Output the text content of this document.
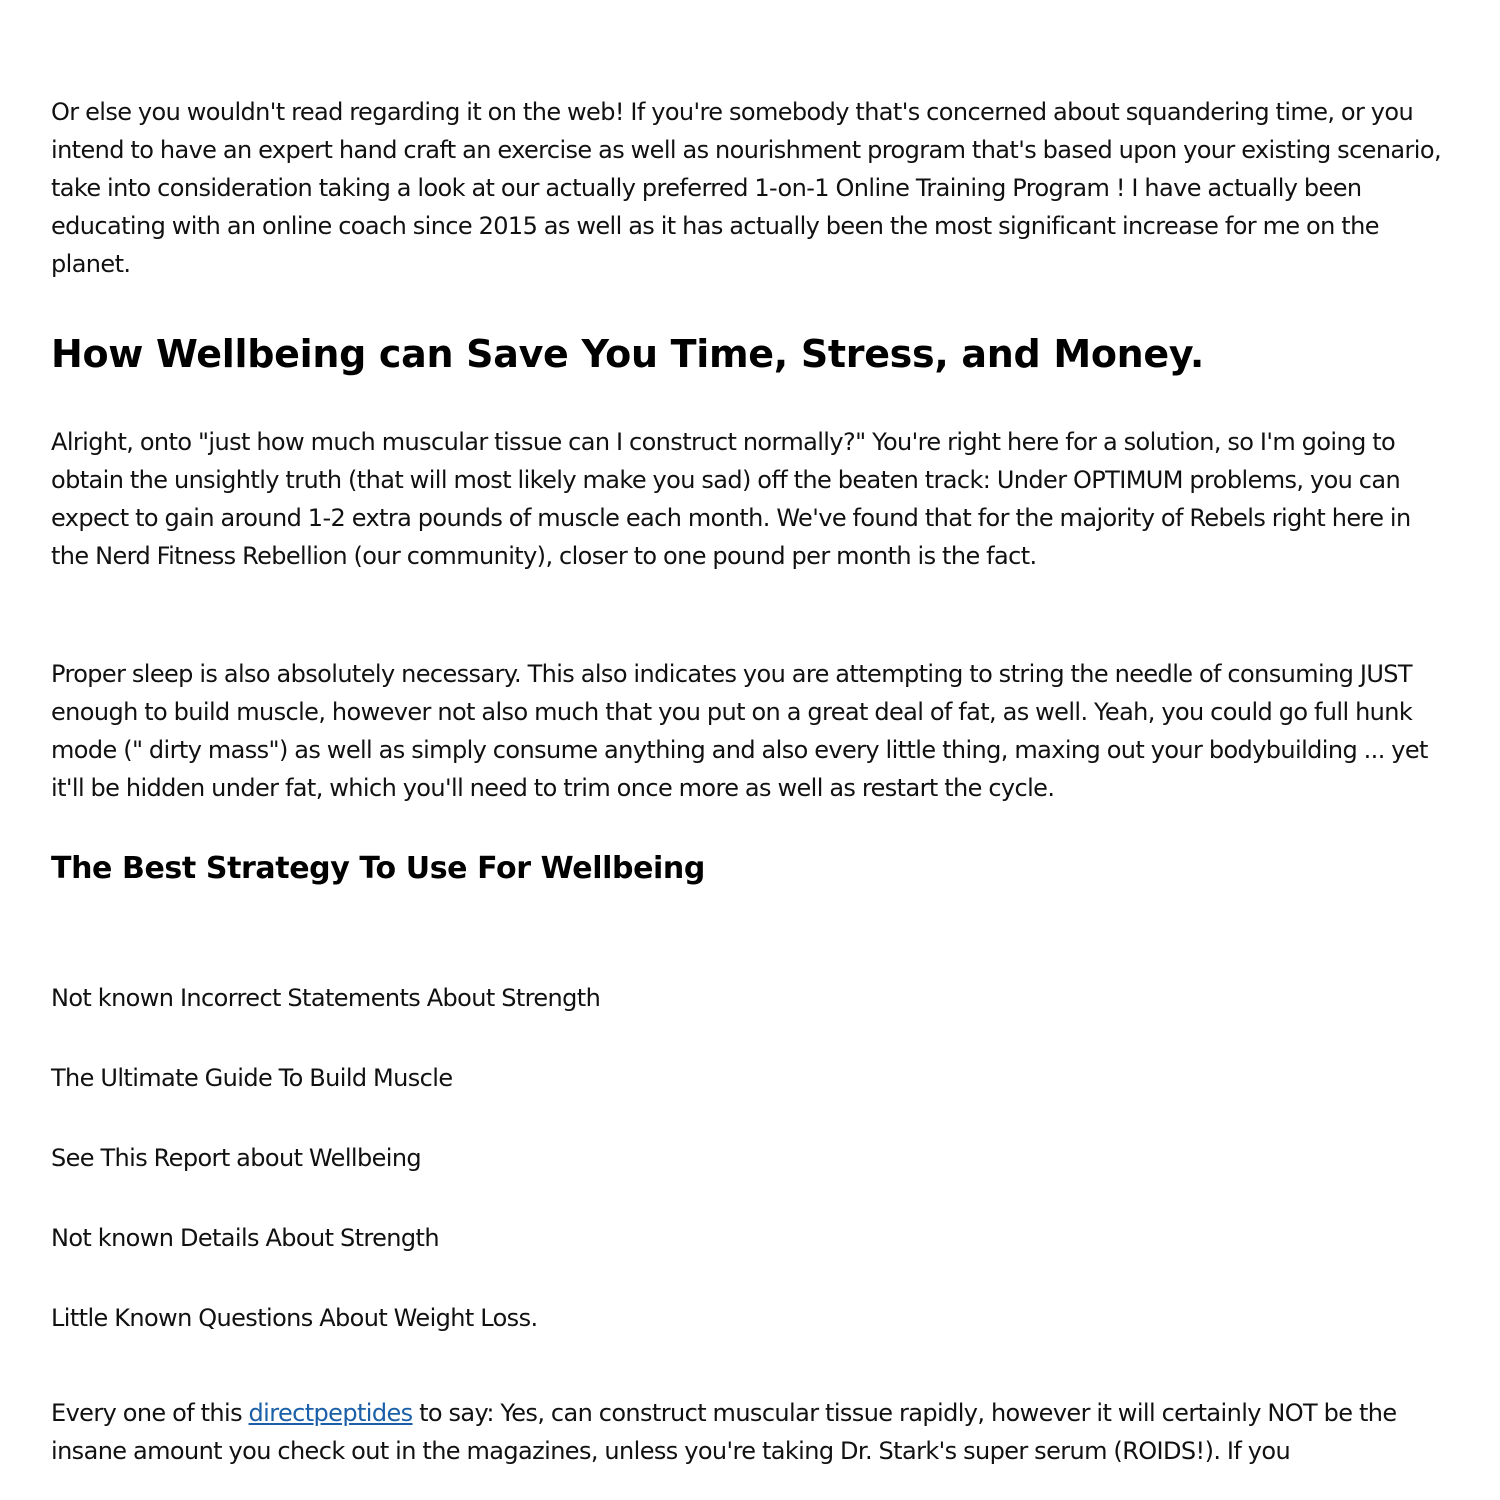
Or else you wouldn't read regarding it on the web! If you're somebody that's concerned about squandering time, or you intend to have an expert hand craft an exercise as well as nourishment program that's based upon your existing scenario, take into consideration taking a look at our actually preferred 1-on-1 Online Training Program ! I have actually been educating with an online coach since 2015 as well as it has actually been the most significant increase for me on the planet.

How Wellbeing can Save You Time, Stress, and Money.

Alright, onto "just how much muscular tissue can I construct normally?" You're right here for a solution, so I'm going to obtain the unsightly truth (that will most likely make you sad) off the beaten track: Under OPTIMUM problems, you can expect to gain around 1-2 extra pounds of muscle each month. We've found that for the majority of Rebels right here in the Nerd Fitness Rebellion (our community), closer to one pound per month is the fact.

Proper sleep is also absolutely necessary. This also indicates you are attempting to string the needle of consuming JUST enough to build muscle, however not also much that you put on a great deal of fat, as well. Yeah, you could go full hunk mode (" dirty mass") as well as simply consume anything and also every little thing, maxing out your bodybuilding ... yet it'll be hidden under fat, which you'll need to trim once more as well as restart the cycle.

The Best Strategy To Use For Wellbeing
Not known Incorrect Statements About Strength
The Ultimate Guide To Build Muscle
See This Report about Wellbeing
Not known Details About Strength
Little Known Questions About Weight Loss.

Every one of this directpeptides to say: Yes, can construct muscular tissue rapidly, however it will certainly NOT be the insane amount you check out in the magazines, unless you're taking Dr. Stark's super serum (ROIDS!). If you
